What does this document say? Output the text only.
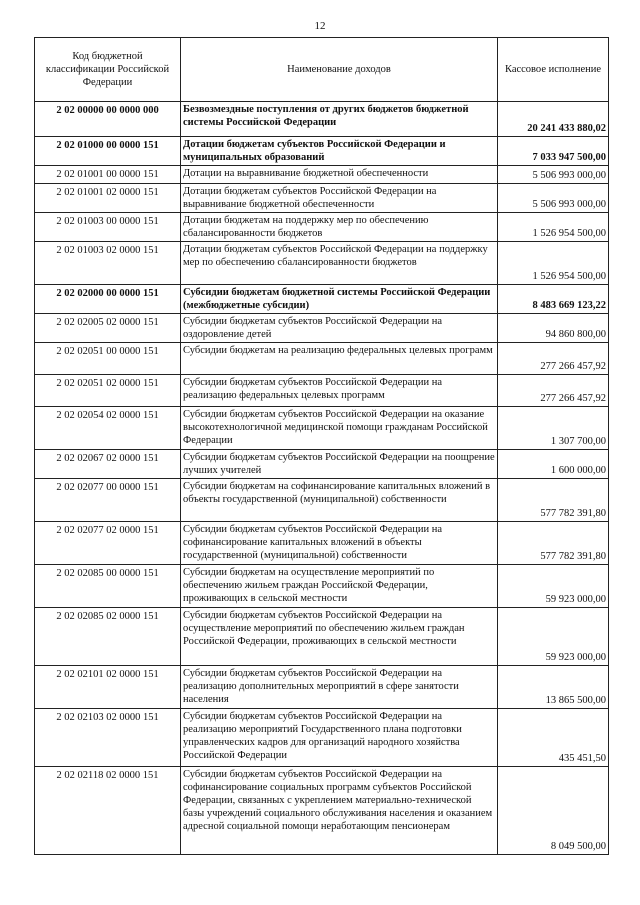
12
Код бюджетной классификации Российской Федерации	Наименование доходов	Кассовое исполнение
2 02 00000 00 0000 000	Безвозмездные поступления от других бюджетов бюджетной системы Российской Федерации	20 241 433 880,02
2 02 01000 00 0000 151	Дотации бюджетам субъектов Российской Федерации и муниципальных образований	7 033 947 500,00
2 02 01001 00 0000 151	Дотации на выравнивание бюджетной обеспеченности	5 506 993 000,00
2 02 01001 02 0000 151	Дотации бюджетам субъектов Российской Федерации на выравнивание бюджетной обеспеченности	5 506 993 000,00
2 02 01003 00 0000 151	Дотации бюджетам на поддержку мер по обеспечению сбалансированности бюджетов	1 526 954 500,00
2 02 01003 02 0000 151	Дотации бюджетам субъектов Российской Федерации на поддержку мер по обеспечению сбалансированности бюджетов	1 526 954 500,00
2 02 02000 00 0000 151	Субсидии бюджетам бюджетной системы Российской Федерации (межбюджетные субсидии)	8 483 669 123,22
2 02 02005 02 0000 151	Субсидии бюджетам субъектов Российской Федерации на оздоровление детей	94 860 800,00
2 02 02051 00 0000 151	Субсидии бюджетам на реализацию федеральных целевых программ	277 266 457,92
2 02 02051 02 0000 151	Субсидии бюджетам субъектов Российской Федерации на реализацию федеральных целевых программ	277 266 457,92
2 02 02054 02 0000 151	Субсидии бюджетам субъектов Российской Федерации на оказание высокотехнологичной медицинской помощи гражданам Российской Федерации	1 307 700,00
2 02 02067 02 0000 151	Субсидии бюджетам субъектов Российской Федерации на поощрение лучших учителей	1 600 000,00
2 02 02077 00 0000 151	Субсидии бюджетам на софинансирование капитальных вложений в объекты государственной (муниципальной) собственности	577 782 391,80
2 02 02077 02 0000 151	Субсидии бюджетам субъектов Российской Федерации на софинансирование капитальных вложений в объекты государственной (муниципальной) собственности	577 782 391,80
2 02 02085 00 0000 151	Субсидии бюджетам на осуществление мероприятий по обеспечению жильем граждан Российской Федерации, проживающих в сельской местности	59 923 000,00
2 02 02085 02 0000 151	Субсидии бюджетам субъектов Российской Федерации на осуществление мероприятий по обеспечению жильем граждан Российской Федерации, проживающих в сельской местности	59 923 000,00
2 02 02101 02 0000 151	Субсидии бюджетам субъектов Российской Федерации на реализацию дополнительных мероприятий в сфере занятости населения	13 865 500,00
2 02 02103 02 0000 151	Субсидии бюджетам субъектов Российской Федерации на реализацию мероприятий Государственного плана подготовки управленческих кадров для организаций народного хозяйства Российской Федерации	435 451,50
2 02 02118 02 0000 151	Субсидии бюджетам субъектов Российской Федерации на софинансирование социальных программ субъектов Российской Федерации, связанных с укреплением материально-технической базы учреждений социального обслуживания населения и оказанием адресной социальной помощи неработающим пенсионерам	8 049 500,00
